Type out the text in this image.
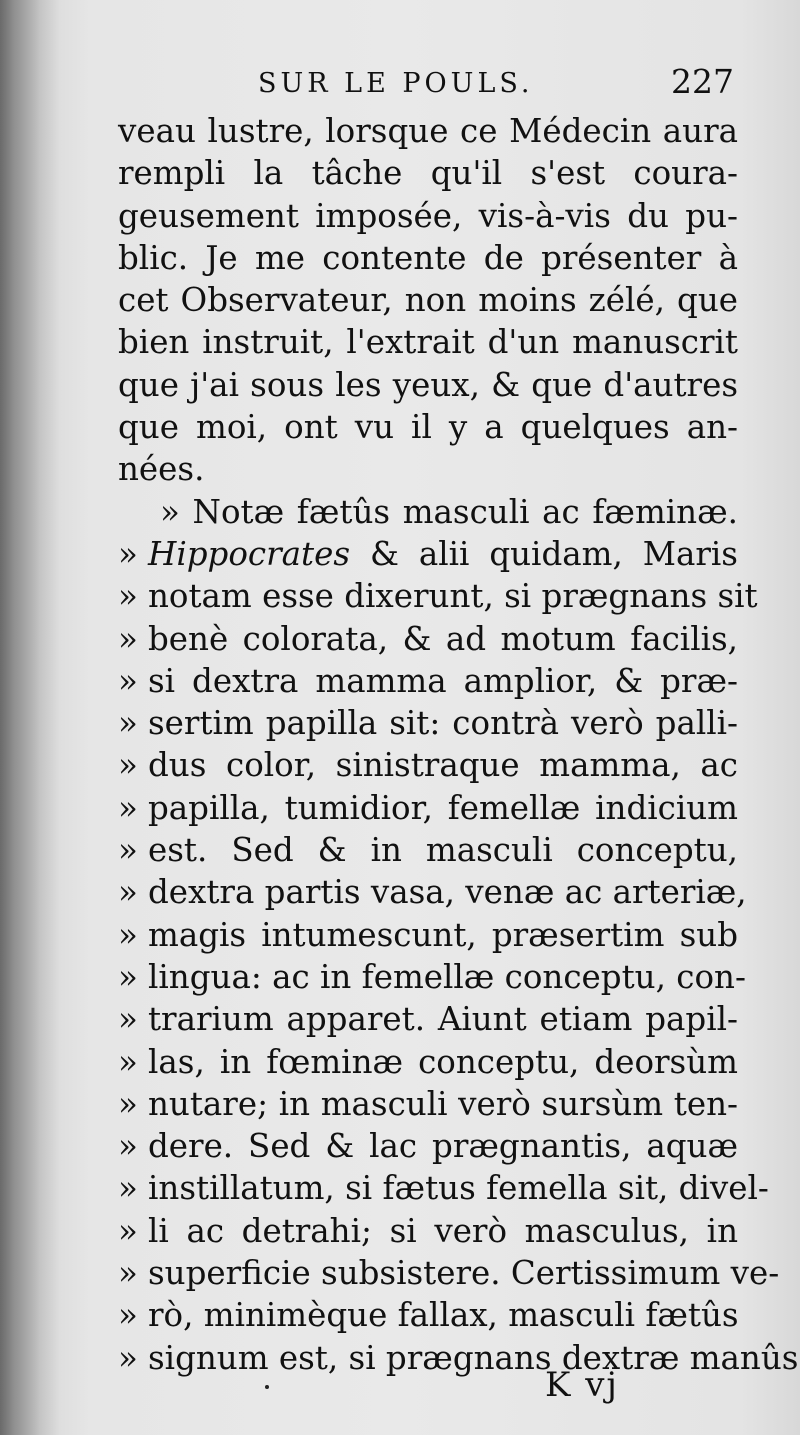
SUR LE POULS.	227
veau lustre, lorsque ce Médecin aura
rempli la tâche qu'il s'est coura-
geusement imposée, vis-à-vis du pu-
blic. Je me contente de présenter à
cet Observateur, non moins zélé, que
bien instruit, l'extrait d'un manuscrit
que j'ai sous les yeux, & que d'autres
que moi, ont vu il y a quelques an-
nées.
» Notæ fætûs masculi ac fæminæ.
» Hippocrates & alii quidam, Maris
» notam esse dixerunt, si prægnans sit
» benè colorata, & ad motum facilis,
» si dextra mamma amplior, & præ-
» sertim papilla sit: contrà verò palli-
» dus color, sinistraque mamma, ac
» papilla, tumidior, femellæ indicium
» est. Sed & in masculi conceptu,
» dextra partis vasa, venæ ac arteriæ,
» magis intumescunt, præsertim sub
» lingua: ac in femellæ conceptu, con-
» trarium apparet. Aiunt etiam papil-
» las, in fœminæ conceptu, deorsùm
» nutare; in masculi verò sursùm ten-
» dere. Sed & lac prægnantis, aquæ
» instillatum, si fætus femella sit, divel-
» li ac detrahi; si verò masculus, in
» superficie subsistere. Certissimum ve-
» rò, minimèque fallax, masculi fætûs
» signum est, si prægnans dextræ manûs
K vj
